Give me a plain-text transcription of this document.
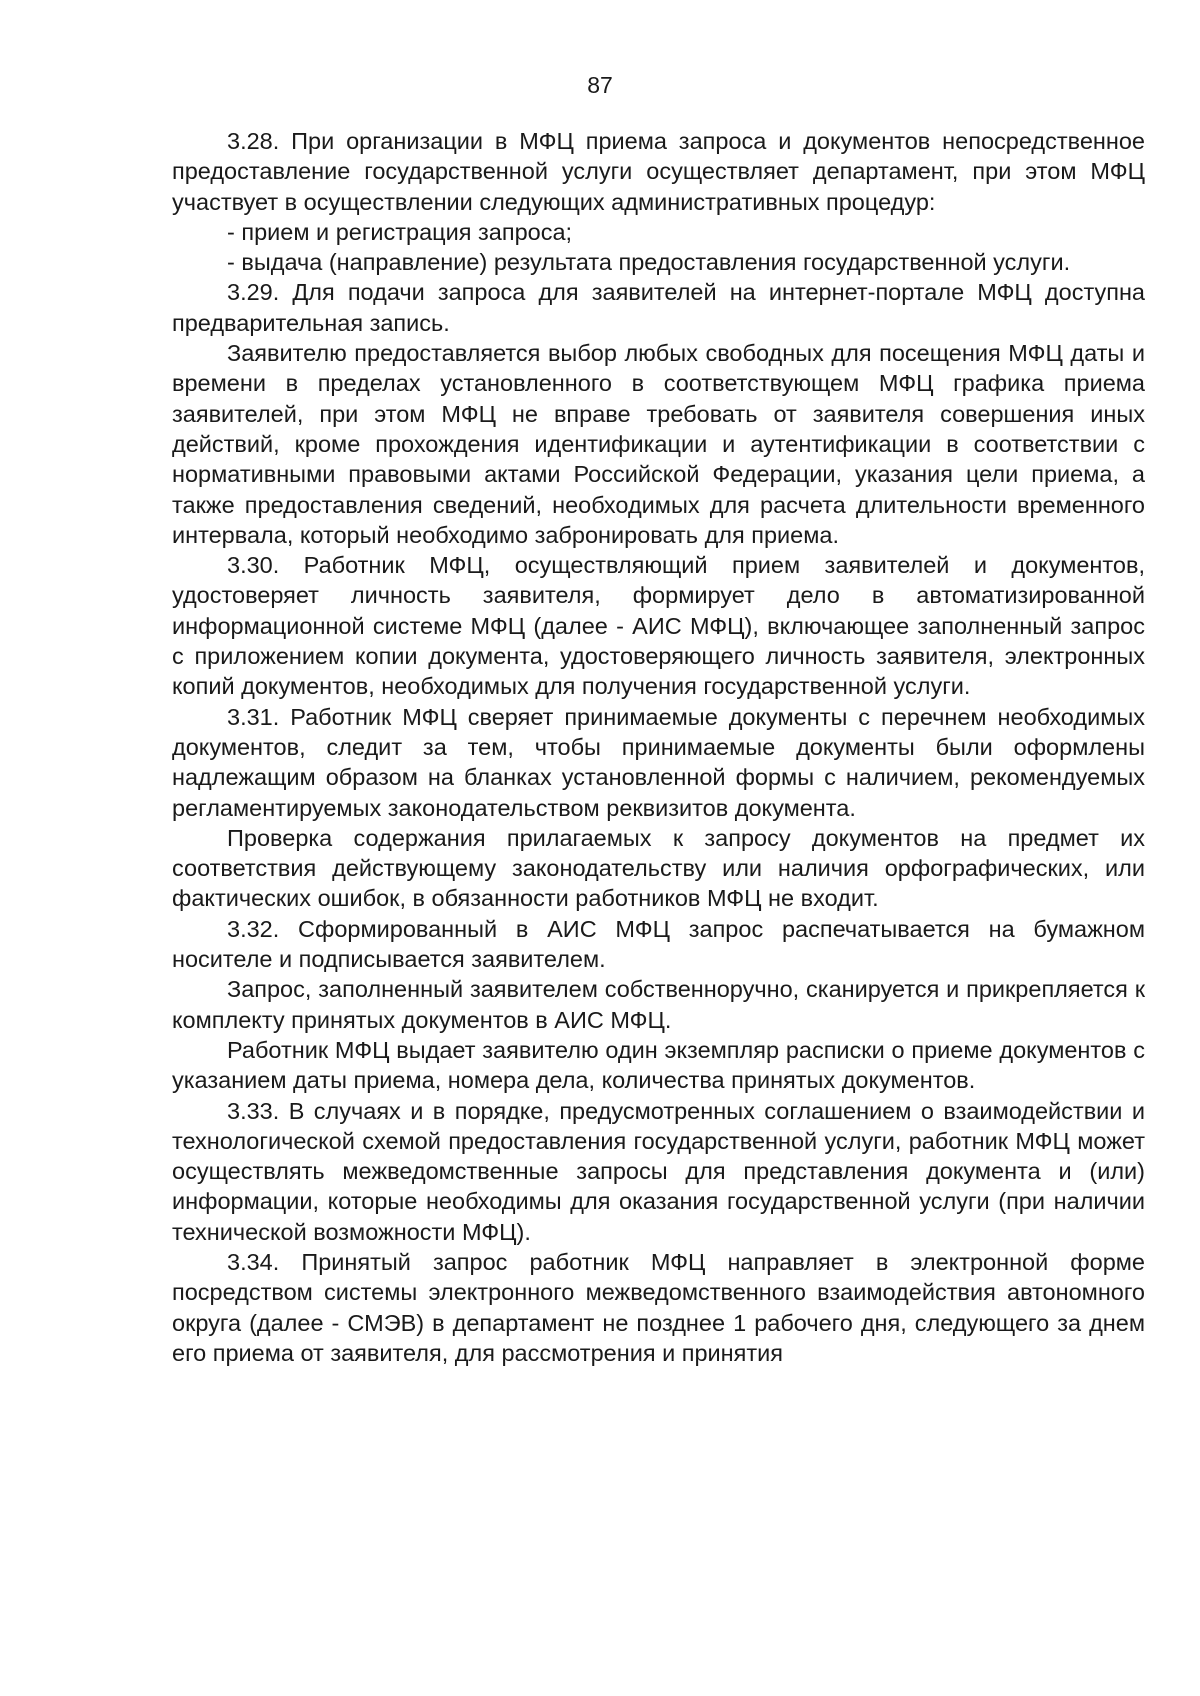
87

3.28. При организации в МФЦ приема запроса и документов непосредственное предоставление государственной услуги осуществляет департамент, при этом МФЦ участвует в осуществлении следующих административных процедур:

- прием и регистрация запроса;

- выдача (направление) результата предоставления государственной услуги.

3.29. Для подачи запроса для заявителей на интернет-портале МФЦ доступна предварительная запись.

Заявителю предоставляется выбор любых свободных для посещения МФЦ даты и времени в пределах установленного в соответствующем МФЦ графика приема заявителей, при этом МФЦ не вправе требовать от заявителя совершения иных действий, кроме прохождения идентификации и аутентификации в соответствии с нормативными правовыми актами Российской Федерации, указания цели приема, а также предоставления сведений, необходимых для расчета длительности временного интервала, который необходимо забронировать для приема.

3.30. Работник МФЦ, осуществляющий прием заявителей и документов, удостоверяет личность заявителя, формирует дело в автоматизированной информационной системе МФЦ (далее - АИС МФЦ), включающее заполненный запрос с приложением копии документа, удостоверяющего личность заявителя, электронных копий документов, необходимых для получения государственной услуги.

3.31. Работник МФЦ сверяет принимаемые документы с перечнем необходимых документов, следит за тем, чтобы принимаемые документы были оформлены надлежащим образом на бланках установленной формы с наличием, рекомендуемых регламентируемых законодательством реквизитов документа.

Проверка содержания прилагаемых к запросу документов на предмет их соответствия действующему законодательству или наличия орфографических, или фактических ошибок, в обязанности работников МФЦ не входит.

3.32. Сформированный в АИС МФЦ запрос распечатывается на бумажном носителе и подписывается заявителем.

Запрос, заполненный заявителем собственноручно, сканируется и прикрепляется к комплекту принятых документов в АИС МФЦ.

Работник МФЦ выдает заявителю один экземпляр расписки о приеме документов с указанием даты приема, номера дела, количества принятых документов.

3.33. В случаях и в порядке, предусмотренных соглашением о взаимодействии и технологической схемой предоставления государственной услуги, работник МФЦ может осуществлять межведомственные запросы для представления документа и (или) информации, которые необходимы для оказания государственной услуги (при наличии технической возможности МФЦ).

3.34. Принятый запрос работник МФЦ направляет в электронной форме посредством системы электронного межведомственного взаимодействия автономного округа (далее - СМЭВ) в департамент не позднее 1 рабочего дня, следующего за днем его приема от заявителя, для рассмотрения и принятия
